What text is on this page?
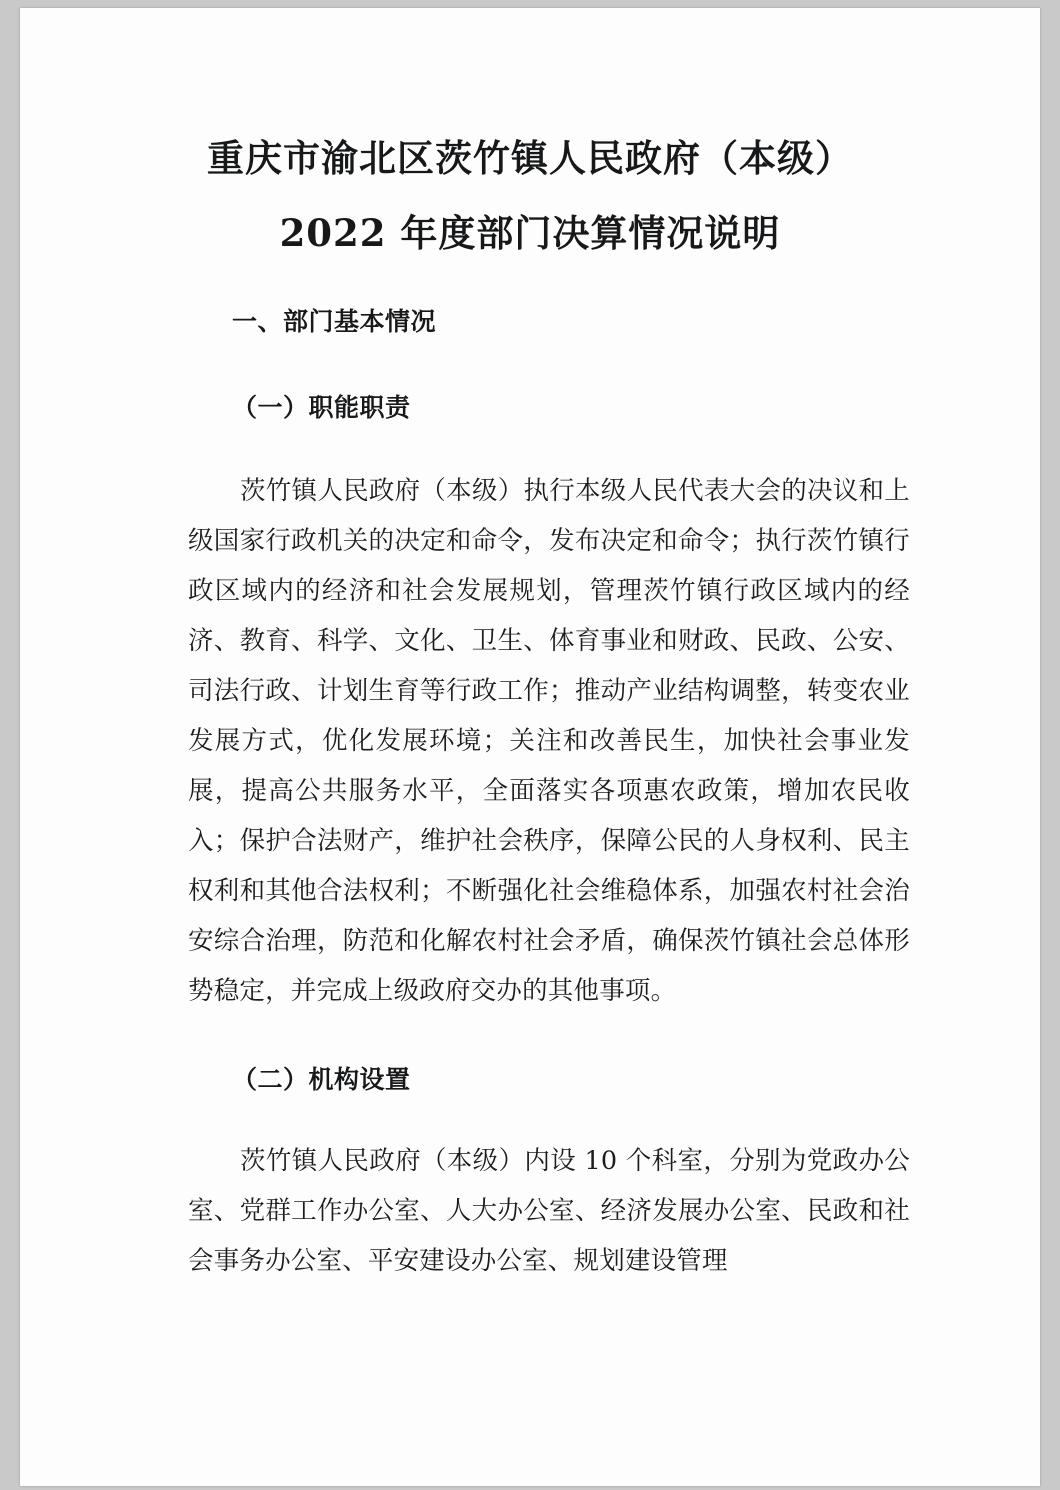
重庆市渝北区茨竹镇人民政府（本级）
2022 年度部门决算情况说明
一、部门基本情况
（一）职能职责
茨竹镇人民政府（本级）执行本级人民代表大会的决议和上级国家行政机关的决定和命令，发布决定和命令；执行茨竹镇行政区域内的经济和社会发展规划，管理茨竹镇行政区域内的经济、教育、科学、文化、卫生、体育事业和财政、民政、公安、司法行政、计划生育等行政工作；推动产业结构调整，转变农业发展方式，优化发展环境；关注和改善民生，加快社会事业发展，提高公共服务水平，全面落实各项惠农政策，增加农民收入；保护合法财产，维护社会秩序，保障公民的人身权利、民主权利和其他合法权利；不断强化社会维稳体系，加强农村社会治安综合治理，防范和化解农村社会矛盾，确保茨竹镇社会总体形势稳定，并完成上级政府交办的其他事项。
（二）机构设置
茨竹镇人民政府（本级）内设 10 个科室，分别为党政办公室、党群工作办公室、人大办公室、经济发展办公室、民政和社会事务办公室、平安建设办公室、规划建设管理
